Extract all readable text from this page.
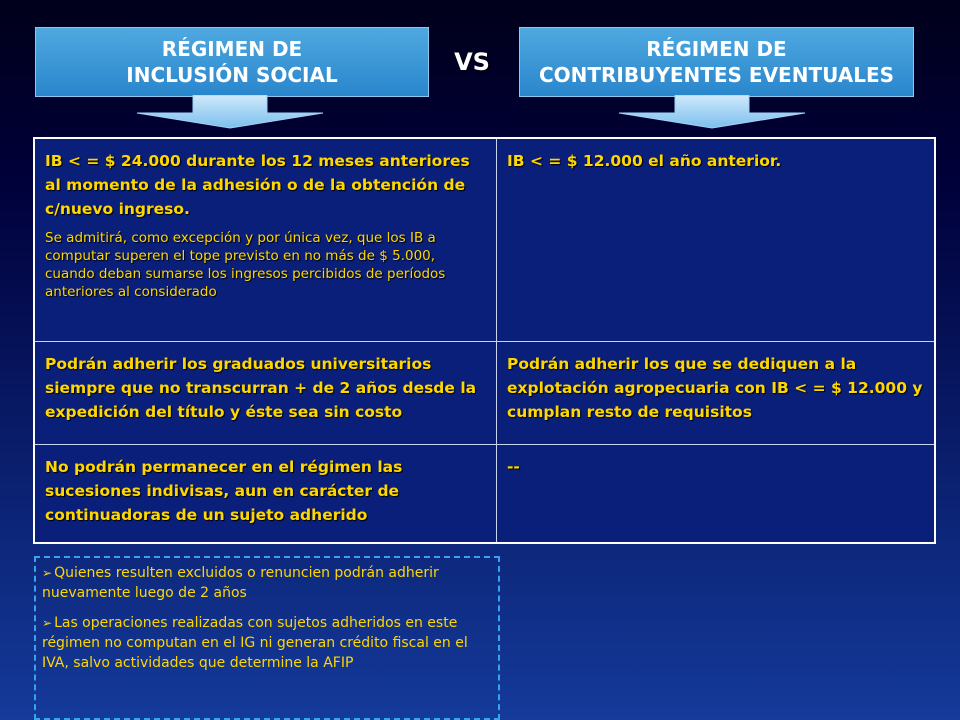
RÉGIMEN DE
INCLUSIÓN SOCIAL	VS	RÉGIMEN DE
CONTRIBUYENTES EVENTUALES
IB < = $ 24.000 durante los 12 meses anteriores al momento de la adhesión o de la obtención de c/nuevo ingreso.
Se admitirá, como excepción y por única vez, que los IB a computar superen el tope previsto en no más de $ 5.000, cuando deban sumarse los ingresos percibidos de períodos anteriores al considerado	IB < = $ 12.000 el año anterior.
Podrán adherir los graduados universitarios siempre que no transcurran + de 2 años desde la expedición del título y éste sea sin costo	Podrán adherir los que se dediquen a la explotación agropecuaria con IB < = $ 12.000 y cumplan resto de requisitos
No podrán permanecer en el régimen las sucesiones indivisas, aun en carácter de continuadoras de un sujeto adherido	--
➢ Quienes resulten excluidos o renuncien podrán adherir nuevamente luego de 2 años
➢ Las operaciones realizadas con sujetos adheridos en este régimen no computan en el IG ni generan crédito fiscal en el IVA, salvo actividades que determine la AFIP
